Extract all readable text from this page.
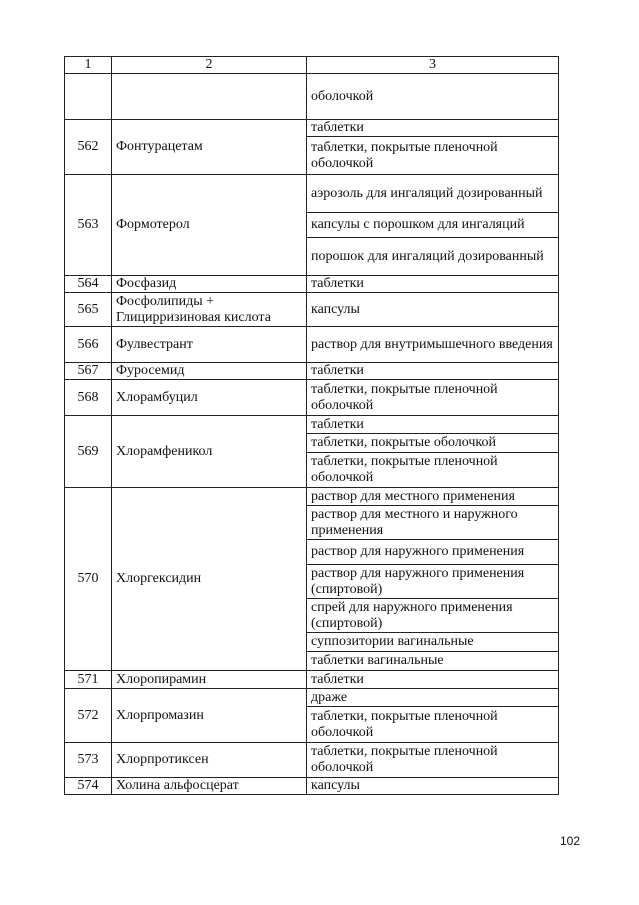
1	2	3
		оболочкой
562	Фонтурацетам	таблетки
		таблетки, покрытые пленочной оболочкой
563	Формотерол	аэрозоль для ингаляций дозированный
		капсулы с порошком для ингаляций
		порошок для ингаляций дозированный
564	Фосфазид	таблетки
565	Фосфолипиды + Глицирризиновая кислота	капсулы
566	Фулвестрант	раствор для внутримышечного введения
567	Фуросемид	таблетки
568	Хлорамбуцил	таблетки, покрытые пленочной оболочкой
569	Хлорамфеникол	таблетки
		таблетки, покрытые оболочкой
		таблетки, покрытые пленочной оболочкой
570	Хлоргексидин	раствор для местного применения
		раствор для местного и наружного применения
		раствор для наружного применения
		раствор для наружного применения (спиртовой)
		спрей для наружного применения (спиртовой)
		суппозитории вагинальные
		таблетки вагинальные
571	Хлоропирамин	таблетки
572	Хлорпромазин	драже
		таблетки, покрытые пленочной оболочкой
573	Хлорпротиксен	таблетки, покрытые пленочной оболочкой
574	Холина альфосцерат	капсулы
102
